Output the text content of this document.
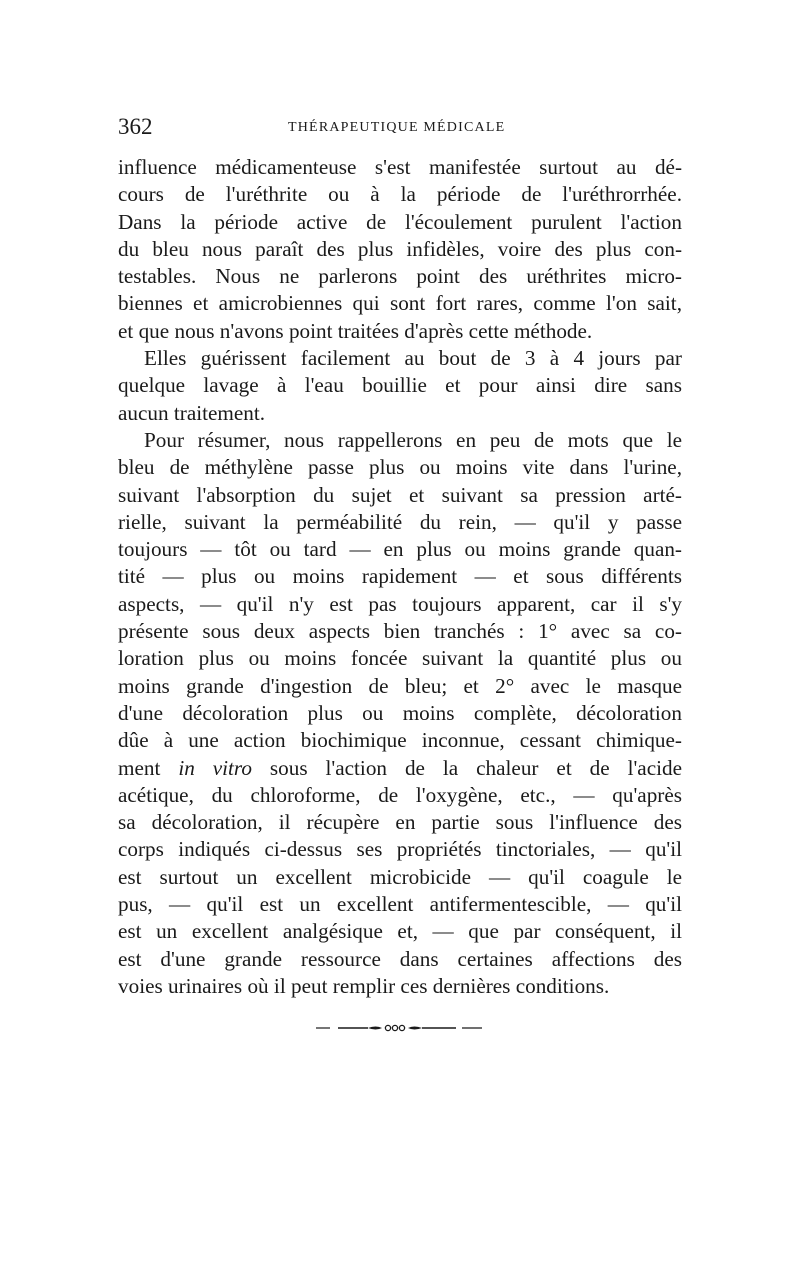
362	THÉRAPEUTIQUE MÉDICALE
influence médicamenteuse s'est manifestée surtout au dé-
cours de l'uréthrite ou à la période de l'uréthrorrhée.
Dans la période active de l'écoulement purulent l'action
du bleu nous paraît des plus infidèles, voire des plus con-
testables. Nous ne parlerons point des uréthrites micro-
biennes et amicrobiennes qui sont fort rares, comme l'on sait,
et que nous n'avons point traitées d'après cette méthode.
Elles guérissent facilement au bout de 3 à 4 jours par
quelque lavage à l'eau bouillie et pour ainsi dire sans
aucun traitement.
Pour résumer, nous rappellerons en peu de mots que le
bleu de méthylène passe plus ou moins vite dans l'urine,
suivant l'absorption du sujet et suivant sa pression arté-
rielle, suivant la perméabilité du rein, — qu'il y passe
toujours — tôt ou tard — en plus ou moins grande quan-
tité — plus ou moins rapidement — et sous différents
aspects, — qu'il n'y est pas toujours apparent, car il s'y
présente sous deux aspects bien tranchés : 1° avec sa co-
loration plus ou moins foncée suivant la quantité plus ou
moins grande d'ingestion de bleu; et 2° avec le masque
d'une décoloration plus ou moins complète, décoloration
dûe à une action biochimique inconnue, cessant chimique-
ment in vitro sous l'action de la chaleur et de l'acide
acétique, du chloroforme, de l'oxygène, etc., — qu'après
sa décoloration, il récupère en partie sous l'influence des
corps indiqués ci-dessus ses propriétés tinctoriales, — qu'il
est surtout un excellent microbicide — qu'il coagule le
pus, — qu'il est un excellent antifermentescible, — qu'il
est un excellent analgésique et, — que par conséquent, il
est d'une grande ressource dans certaines affections des
voies urinaires où il peut remplir ces dernières conditions.
